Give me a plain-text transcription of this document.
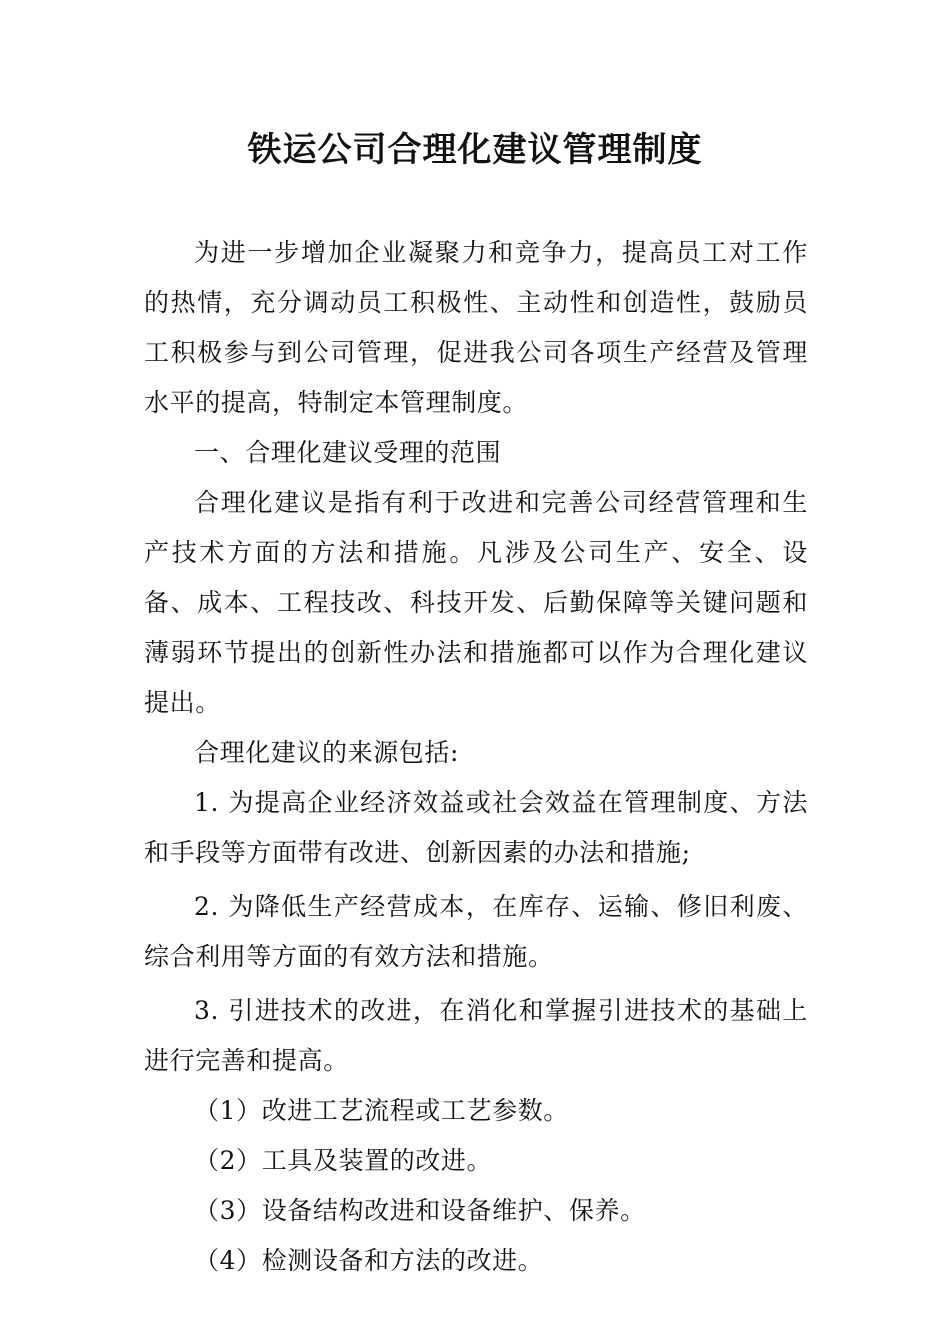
铁运公司合理化建议管理制度

为进一步增加企业凝聚力和竞争力，提高员工对工作的热情，充分调动员工积极性、主动性和创造性，鼓励员工积极参与到公司管理，促进我公司各项生产经营及管理水平的提高，特制定本管理制度。

一、合理化建议受理的范围

合理化建议是指有利于改进和完善公司经营管理和生产技术方面的方法和措施。凡涉及公司生产、安全、设备、成本、工程技改、科技开发、后勤保障等关键问题和薄弱环节提出的创新性办法和措施都可以作为合理化建议提出。

合理化建议的来源包括:

1. 为提高企业经济效益或社会效益在管理制度、方法和手段等方面带有改进、创新因素的办法和措施;

2. 为降低生产经营成本，在库存、运输、修旧利废、综合利用等方面的有效方法和措施。

3. 引进技术的改进，在消化和掌握引进技术的基础上进行完善和提高。

（1）改进工艺流程或工艺参数。

（2）工具及装置的改进。

（3）设备结构改进和设备维护、保养。

（4）检测设备和方法的改进。
